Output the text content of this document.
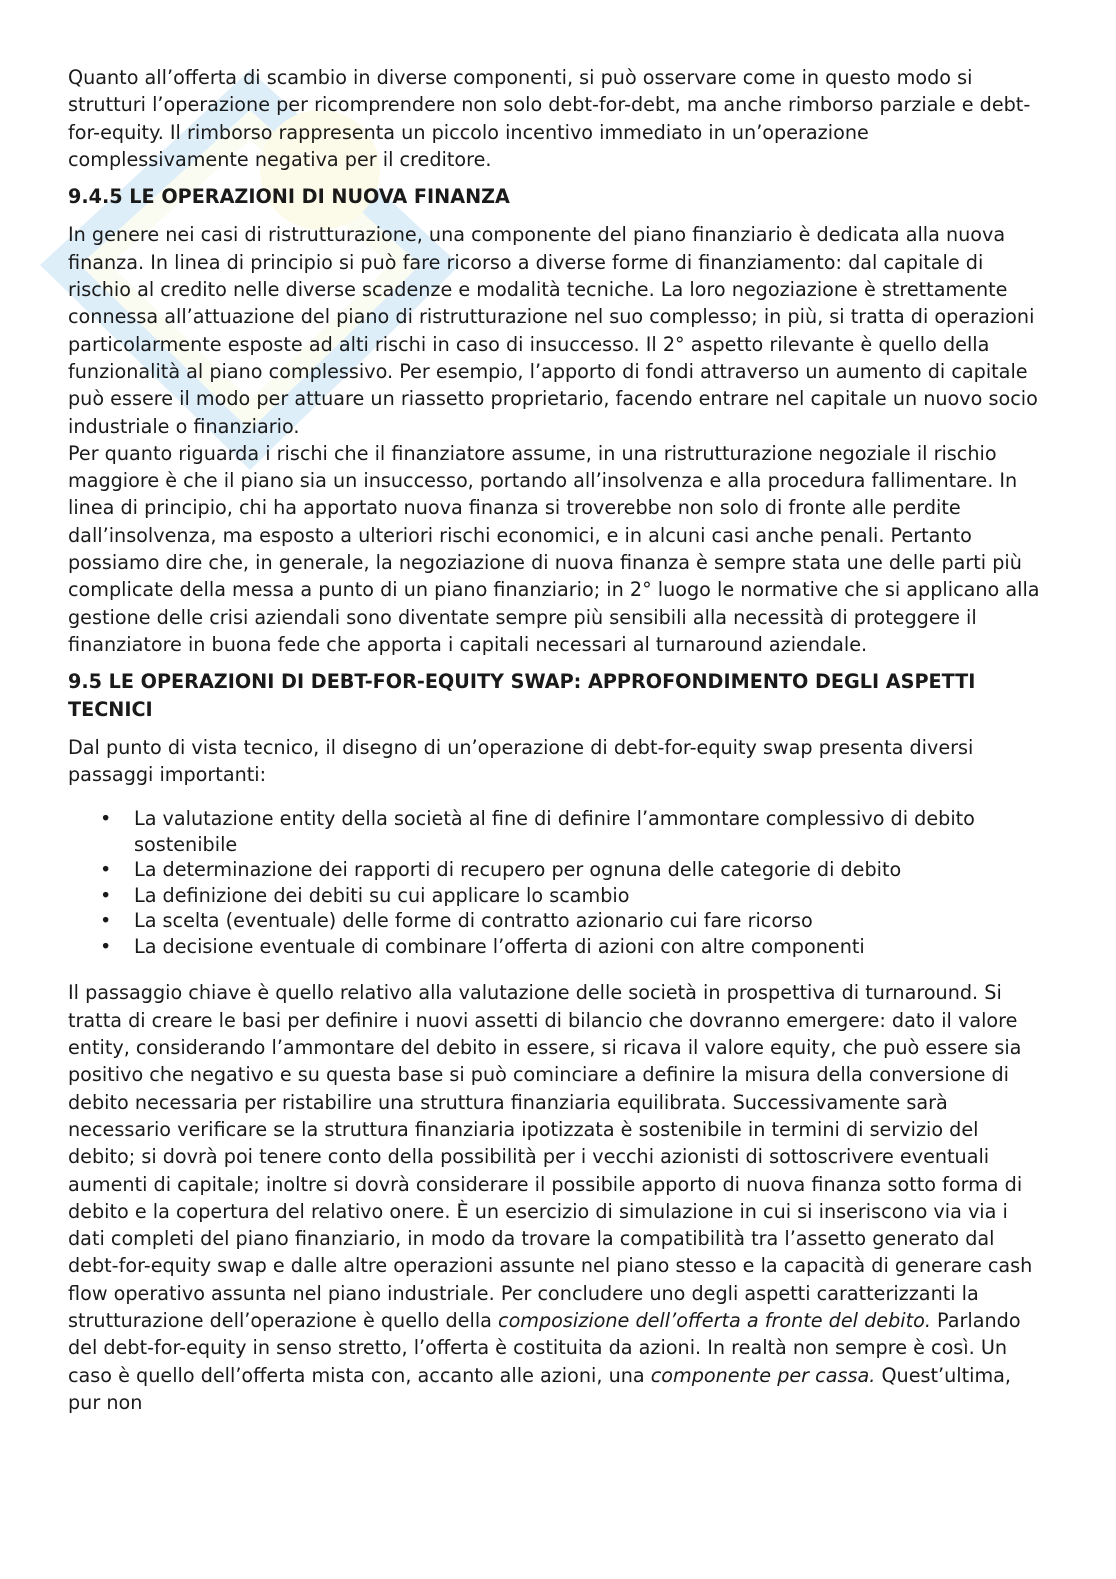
Quanto all’offerta di scambio in diverse componenti, si può osservare come in questo modo si strutturi l’operazione per ricomprendere non solo debt-for-debt, ma anche rimborso parziale e debt-for-equity. Il rimborso rappresenta un piccolo incentivo immediato in un’operazione complessivamente negativa per il creditore.

9.4.5 LE OPERAZIONI DI NUOVA FINANZA

In genere nei casi di ristrutturazione, una componente del piano finanziario è dedicata alla nuova finanza. In linea di principio si può fare ricorso a diverse forme di finanziamento: dal capitale di rischio al credito nelle diverse scadenze e modalità tecniche. La loro negoziazione è strettamente connessa all’attuazione del piano di ristrutturazione nel suo complesso; in più, si tratta di operazioni particolarmente esposte ad alti rischi in caso di insuccesso. Il 2° aspetto rilevante è quello della funzionalità al piano complessivo. Per esempio, l’apporto di fondi attraverso un aumento di capitale può essere il modo per attuare un riassetto proprietario, facendo entrare nel capitale un nuovo socio industriale o finanziario.

Per quanto riguarda i rischi che il finanziatore assume, in una ristrutturazione negoziale il rischio maggiore è che il piano sia un insuccesso, portando all’insolvenza e alla procedura fallimentare. In linea di principio, chi ha apportato nuova finanza si troverebbe non solo di fronte alle perdite dall’insolvenza, ma esposto a ulteriori rischi economici, e in alcuni casi anche penali. Pertanto possiamo dire che, in generale, la negoziazione di nuova finanza è sempre stata une delle parti più complicate della messa a punto di un piano finanziario; in 2° luogo le normative che si applicano alla gestione delle crisi aziendali sono diventate sempre più sensibili alla necessità di proteggere il finanziatore in buona fede che apporta i capitali necessari al turnaround aziendale.

9.5 LE OPERAZIONI DI DEBT-FOR-EQUITY SWAP: APPROFONDIMENTO DEGLI ASPETTI TECNICI

Dal punto di vista tecnico, il disegno di un’operazione di debt-for-equity swap presenta diversi passaggi importanti:

• La valutazione entity della società al fine di definire l’ammontare complessivo di debito sostenibile
• La determinazione dei rapporti di recupero per ognuna delle categorie di debito
• La definizione dei debiti su cui applicare lo scambio
• La scelta (eventuale) delle forme di contratto azionario cui fare ricorso
• La decisione eventuale di combinare l’offerta di azioni con altre componenti

Il passaggio chiave è quello relativo alla valutazione delle società in prospettiva di turnaround. Si tratta di creare le basi per definire i nuovi assetti di bilancio che dovranno emergere: dato il valore entity, considerando l’ammontare del debito in essere, si ricava il valore equity, che può essere sia positivo che negativo e su questa base si può cominciare a definire la misura della conversione di debito necessaria per ristabilire una struttura finanziaria equilibrata. Successivamente sarà necessario verificare se la struttura finanziaria ipotizzata è sostenibile in termini di servizio del debito; si dovrà poi tenere conto della possibilità per i vecchi azionisti di sottoscrivere eventuali aumenti di capitale; inoltre si dovrà considerare il possibile apporto di nuova finanza sotto forma di debito e la copertura del relativo onere. È un esercizio di simulazione in cui si inseriscono via via i dati completi del piano finanziario, in modo da trovare la compatibilità tra l’assetto generato dal debt-for-equity swap e dalle altre operazioni assunte nel piano stesso e la capacità di generare cash flow operativo assunta nel piano industriale. Per concludere uno degli aspetti caratterizzanti la strutturazione dell’operazione è quello della composizione dell’offerta a fronte del debito. Parlando del debt-for-equity in senso stretto, l’offerta è costituita da azioni. In realtà non sempre è così. Un caso è quello dell’offerta mista con, accanto alle azioni, una componente per cassa. Quest’ultima, pur non
